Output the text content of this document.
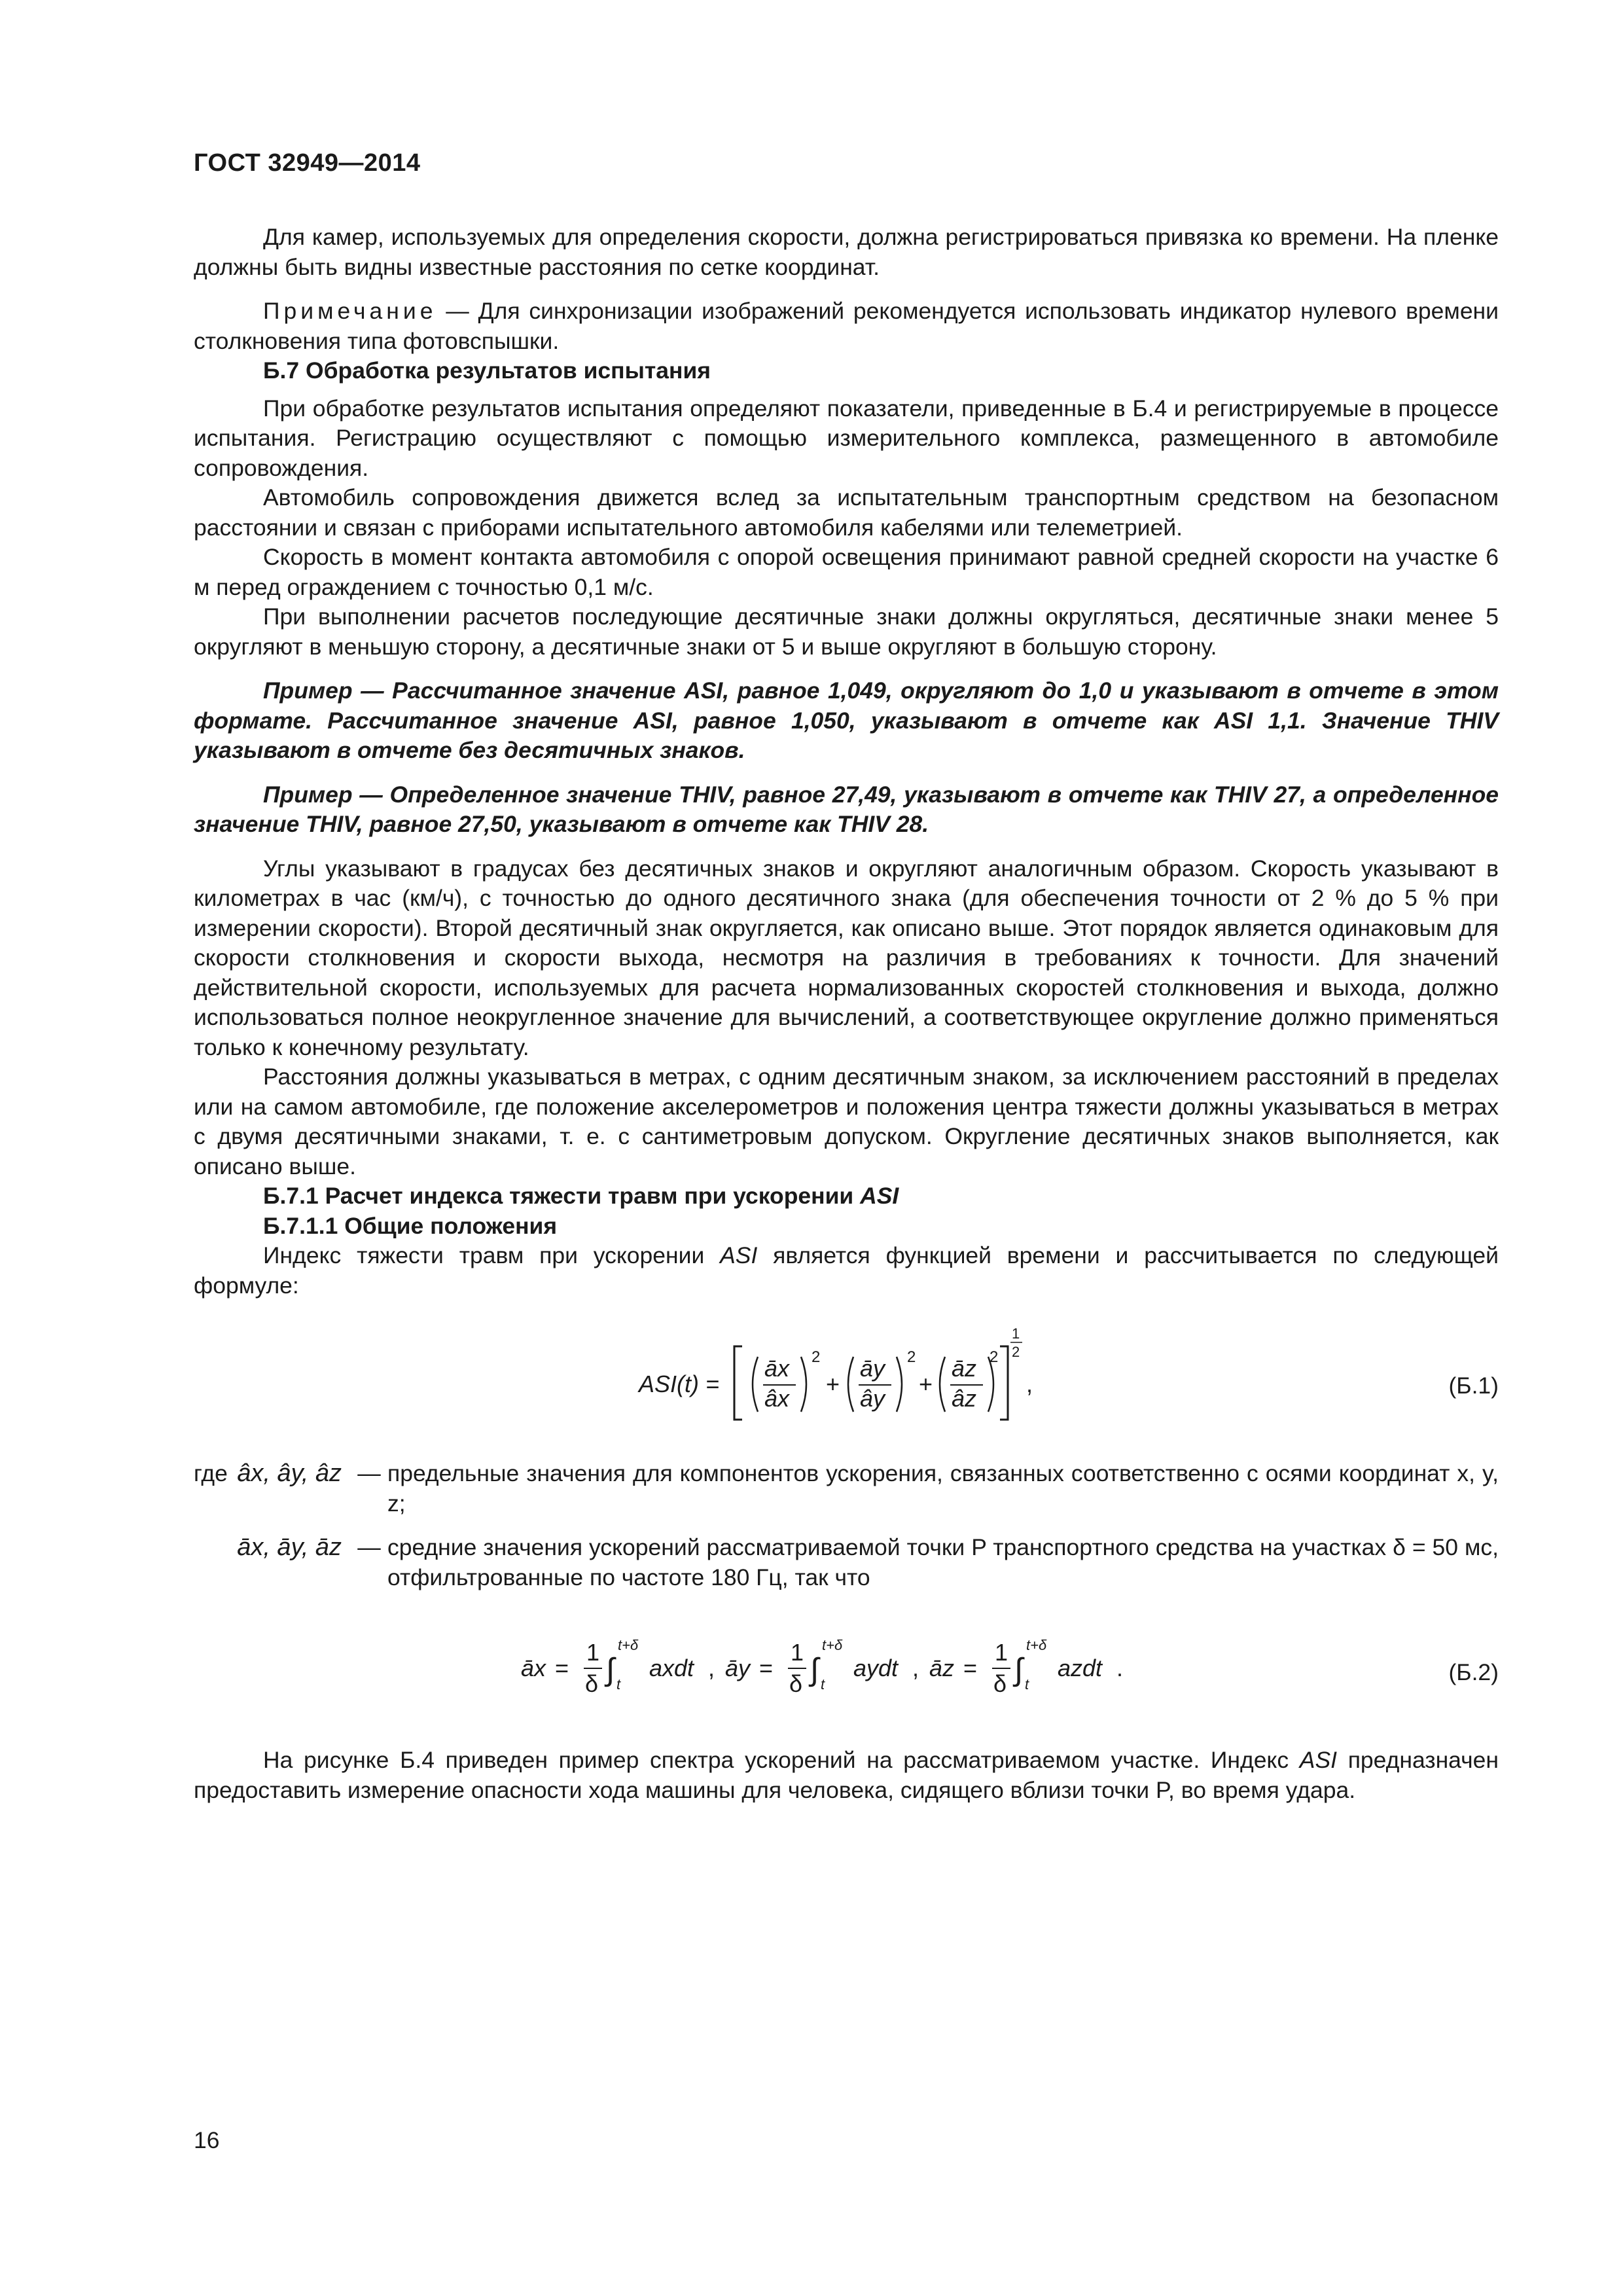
ГОСТ 32949—2014

Для камер, используемых для определения скорости, должна регистрироваться привязка ко времени. На пленке должны быть видны известные расстояния по сетке координат.

Примечание — Для синхронизации изображений рекомендуется использовать индикатор нулевого времени столкновения типа фотовспышки.

Б.7 Обработка результатов испытания

При обработке результатов испытания определяют показатели, приведенные в Б.4 и регистрируемые в процессе испытания. Регистрацию осуществляют с помощью измерительного комплекса, размещенного в автомобиле сопровождения.

Автомобиль сопровождения движется вслед за испытательным транспортным средством на безопасном расстоянии и связан с приборами испытательного автомобиля кабелями или телеметрией.

Скорость в момент контакта автомобиля с опорой освещения принимают равной средней скорости на участке 6 м перед ограждением с точностью 0,1 м/с.

При выполнении расчетов последующие десятичные знаки должны округляться, десятичные знаки менее 5 округляют в меньшую сторону, а десятичные знаки от 5 и выше округляют в большую сторону.

Пример — Рассчитанное значение ASI, равное 1,049, округляют до 1,0 и указывают в отчете в этом формате. Рассчитанное значение ASI, равное 1,050, указывают в отчете как ASI 1,1. Значение THIV указывают в отчете без десятичных знаков.

Пример — Определенное значение THIV, равное 27,49, указывают в отчете как THIV 27, а определенное значение THIV, равное 27,50, указывают в отчете как THIV 28.

Углы указывают в градусах без десятичных знаков и округляют аналогичным образом. Скорость указывают в километрах в час (км/ч), с точностью до одного десятичного знака (для обеспечения точности от 2 % до 5 % при измерении скорости). Второй десятичный знак округляется, как описано выше. Этот порядок является одинаковым для скорости столкновения и скорости выхода, несмотря на различия в требованиях к точности. Для значений действительной скорости, используемых для расчета нормализованных скоростей столкновения и выхода, должно использоваться полное неокругленное значение для вычислений, а соответствующее округление должно применяться только к конечному результату.

Расстояния должны указываться в метрах, с одним десятичным знаком, за исключением расстояний в пределах или на самом автомобиле, где положение акселерометров и положения центра тяжести должны указываться в метрах с двумя десятичными знаками, т. е. с сантиметровым допуском. Округление десятичных знаков выполняется, как описано выше.

Б.7.1 Расчет индекса тяжести травм при ускорении ASI

Б.7.1.1 Общие положения

Индекс тяжести травм при ускорении ASI является функцией времени и рассчитывается по следующей формуле:

ASI(t) =
āx
âx
2
+
āy
ây
2
+
āz
âz
2
1
2
,	(Б.1)
где âx, ây, âz — предельные значения для компонентов ускорения, связанных соответственно с осями координат x, y, z;
āx, āy, āz — средние значения ускорений рассматриваемой точки P транспортного средства на участках δ = 50 мс, отфильтрованные по частоте 180 Гц, так что
āx =
1
δ ∫
t+δ
t
axdt , āy =
1
δ ∫
t+δ
t
aydt , āz =
1
δ ∫
t+δ
t
azdt .	(Б.2)

На рисунке Б.4 приведен пример спектра ускорений на рассматриваемом участке. Индекс ASI предназначен предоставить измерение опасности хода машины для человека, сидящего вблизи точки P, во время удара.

16
